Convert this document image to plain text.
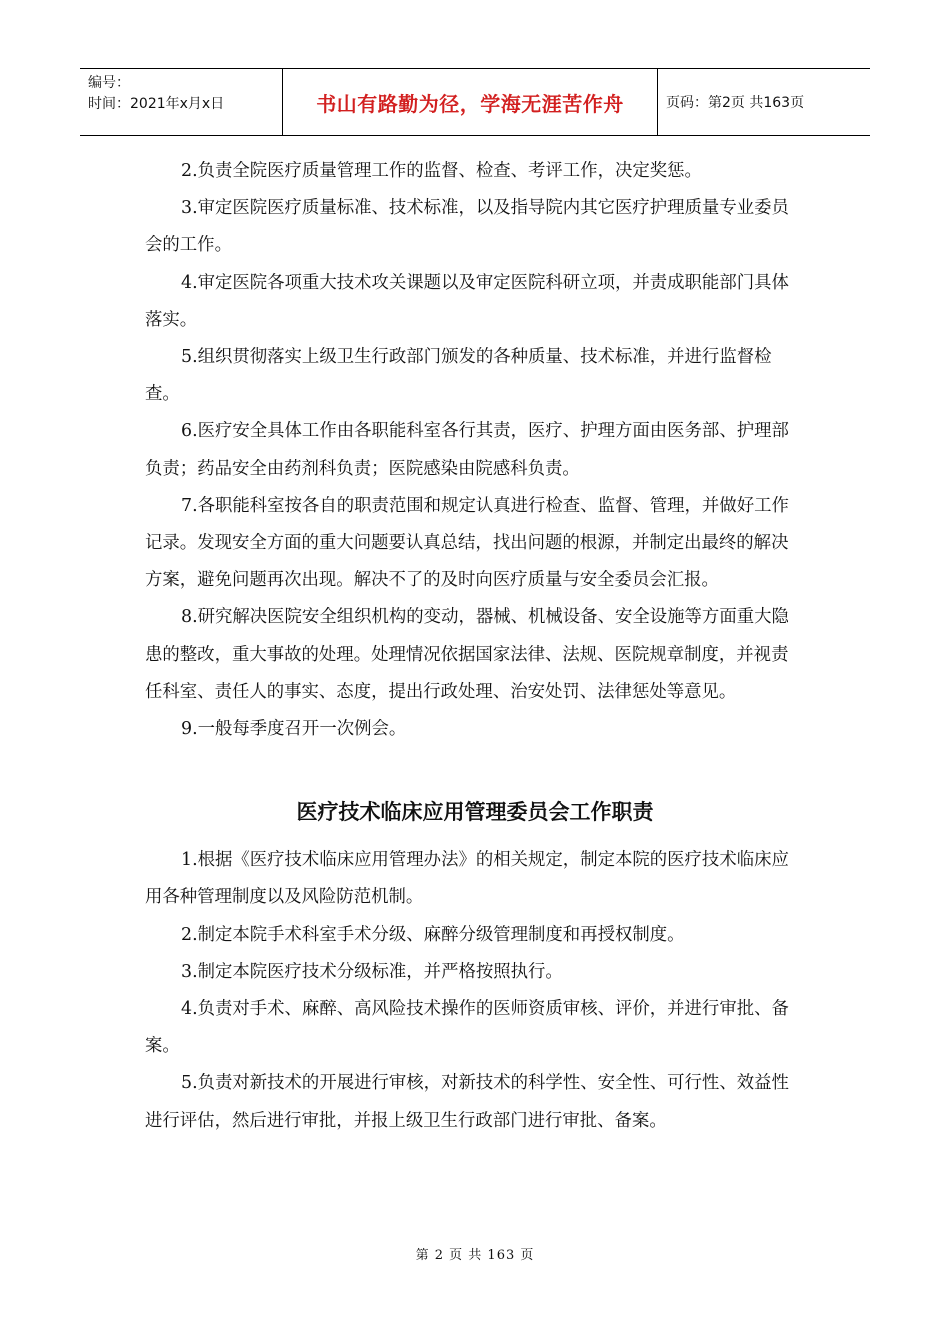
编号：
时间：2021年x月x日	书山有路勤为径，学海无涯苦作舟	页码：第2页 共163页

2.负责全院医疗质量管理工作的监督、检查、考评工作，决定奖惩。

3.审定医院医疗质量标准、技术标准，以及指导院内其它医疗护理质量专业委员会的工作。

4.审定医院各项重大技术攻关课题以及审定医院科研立项，并责成职能部门具体落实。

5.组织贯彻落实上级卫生行政部门颁发的各种质量、技术标准，并进行监督检查。

6.医疗安全具体工作由各职能科室各行其责，医疗、护理方面由医务部、护理部负责；药品安全由药剂科负责；医院感染由院感科负责。

7.各职能科室按各自的职责范围和规定认真进行检查、监督、管理，并做好工作记录。发现安全方面的重大问题要认真总结，找出问题的根源，并制定出最终的解决方案，避免问题再次出现。解决不了的及时向医疗质量与安全委员会汇报。

8.研究解决医院安全组织机构的变动，器械、机械设备、安全设施等方面重大隐患的整改，重大事故的处理。处理情况依据国家法律、法规、医院规章制度，并视责任科室、责任人的事实、态度，提出行政处理、治安处罚、法律惩处等意见。

9.一般每季度召开一次例会。

医疗技术临床应用管理委员会工作职责

1.根据《医疗技术临床应用管理办法》的相关规定，制定本院的医疗技术临床应用各种管理制度以及风险防范机制。

2.制定本院手术科室手术分级、麻醉分级管理制度和再授权制度。

3.制定本院医疗技术分级标准，并严格按照执行。

4.负责对手术、麻醉、高风险技术操作的医师资质审核、评价，并进行审批、备案。

5.负责对新技术的开展进行审核，对新技术的科学性、安全性、可行性、效益性进行评估，然后进行审批，并报上级卫生行政部门进行审批、备案。

第 2 页 共 163 页
